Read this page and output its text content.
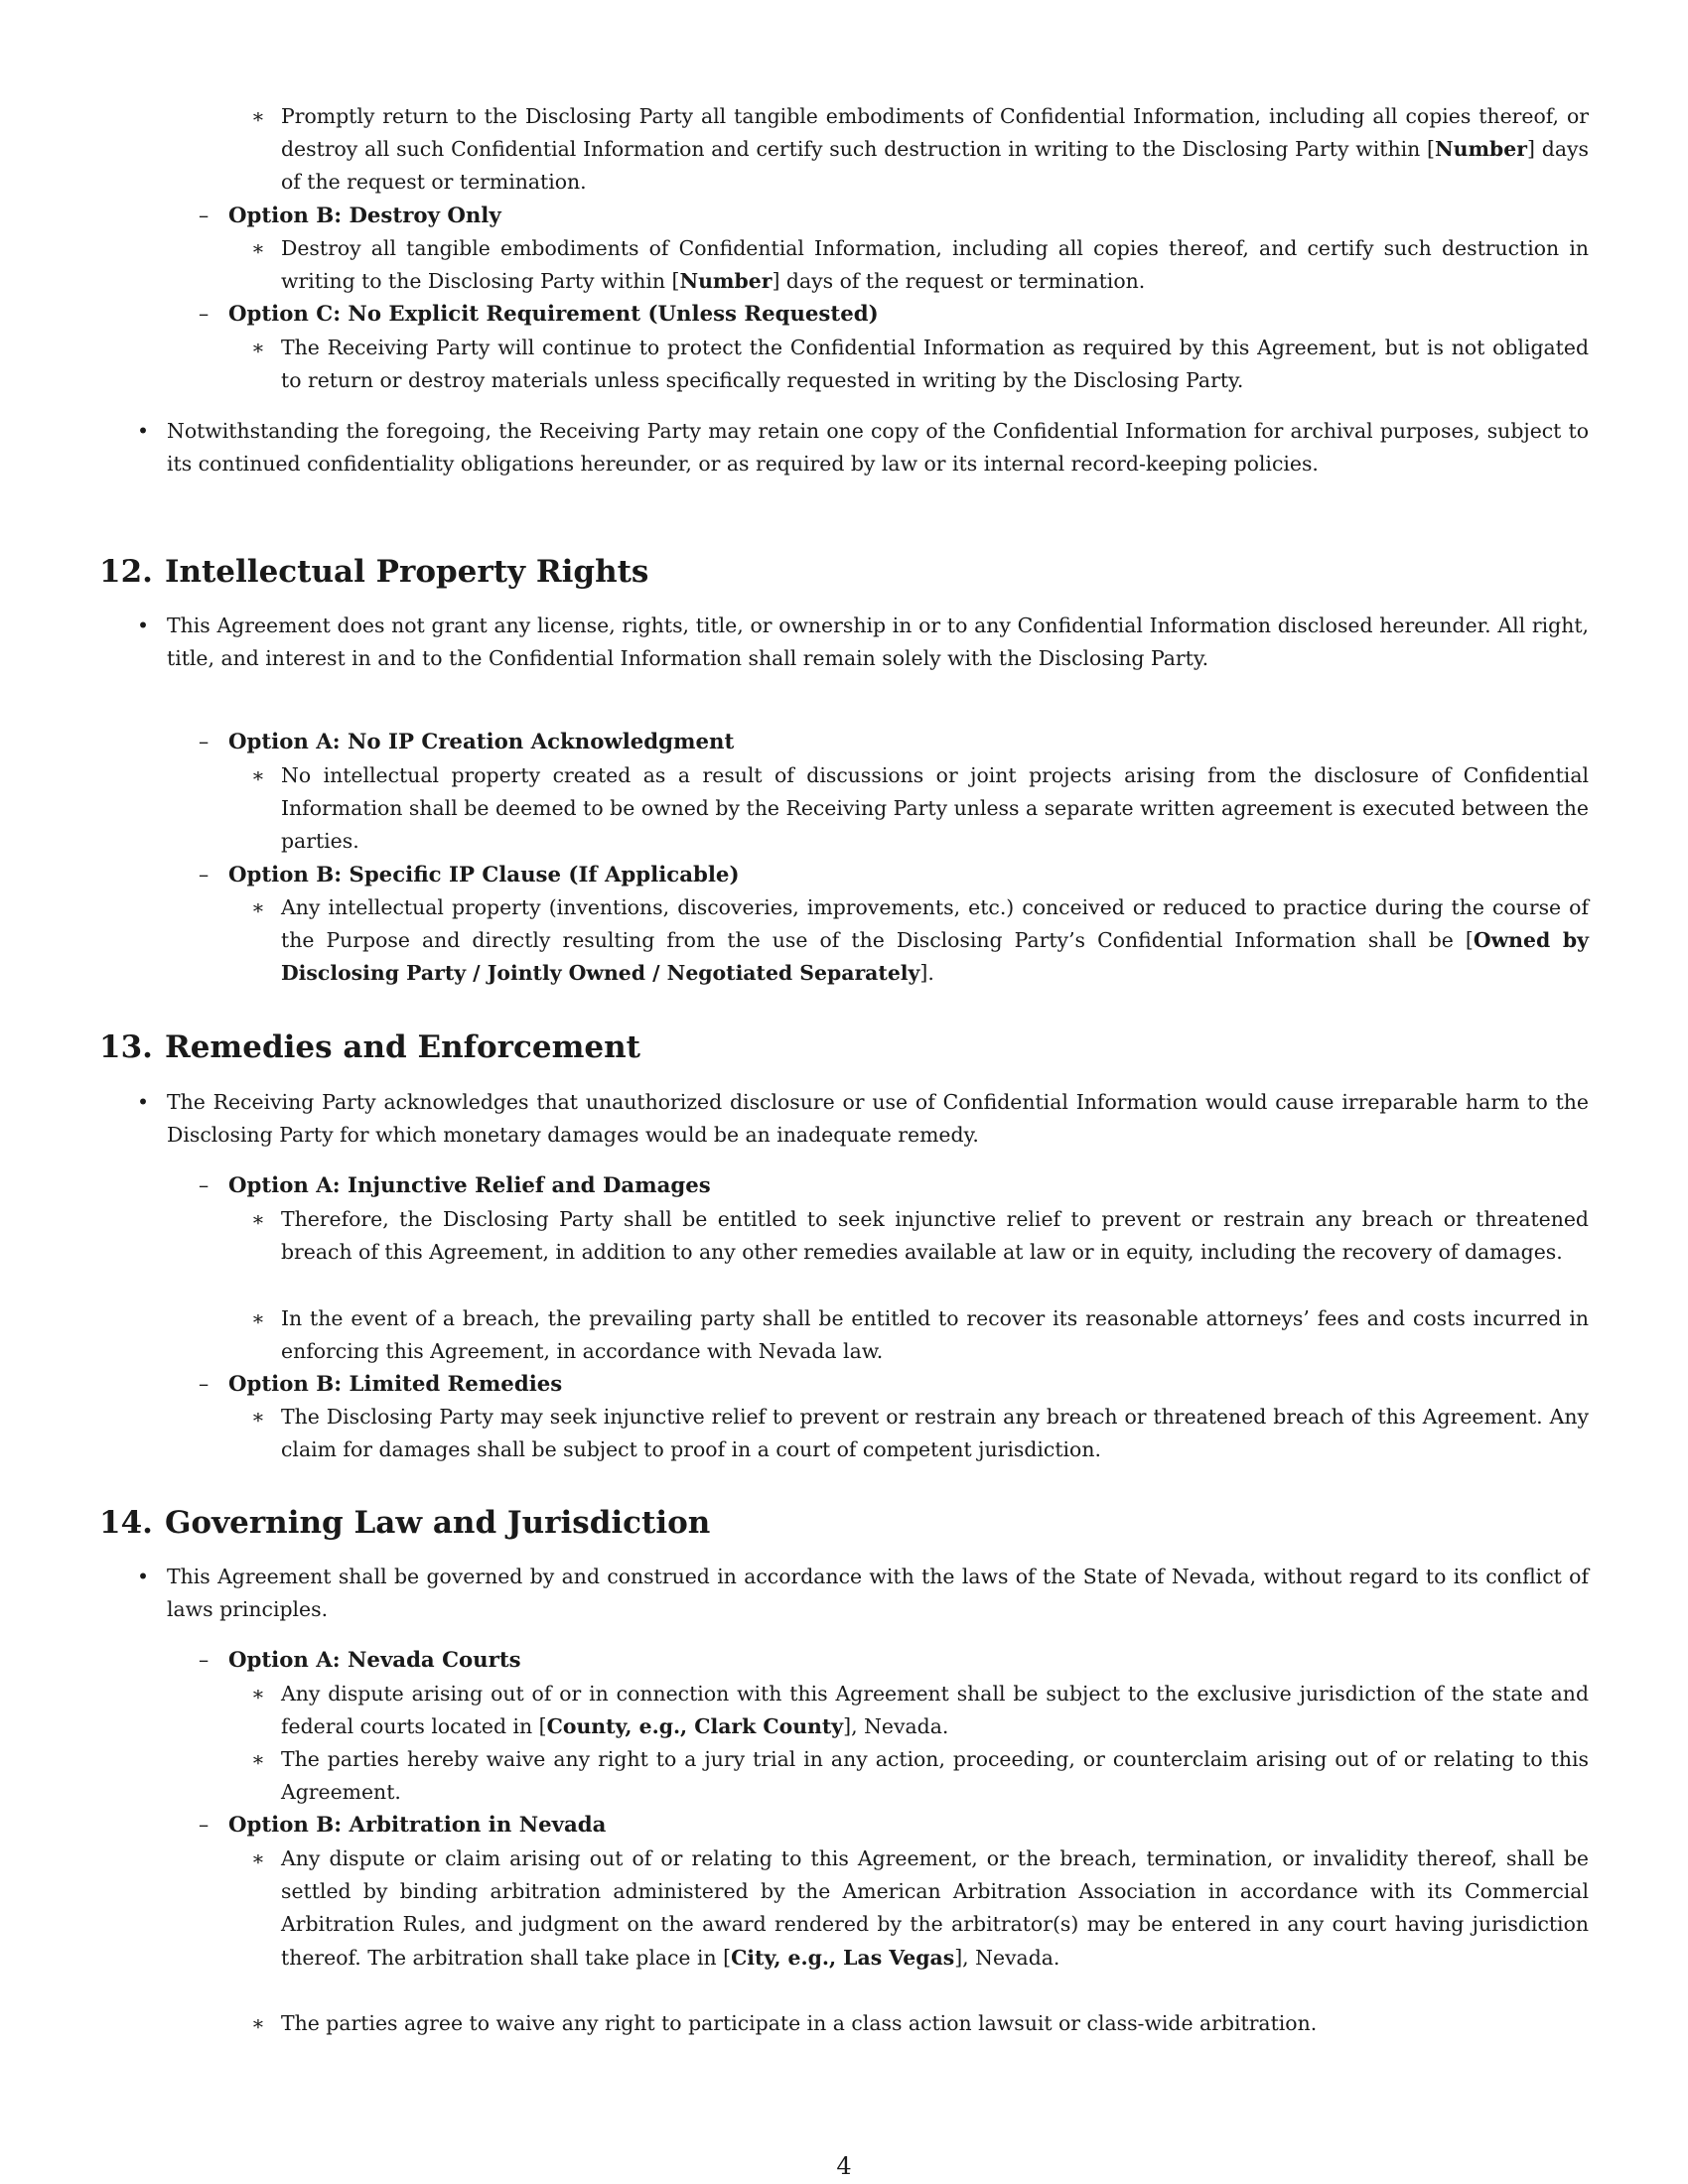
∗ Promptly return to the Disclosing Party all tangible embodiments of Confidential Information, including all copies thereof, or destroy all such Confidential Information and certify such destruction in writing to the Disclosing Party within [Number] days of the request or termination.

– Option B: Destroy Only

∗ Destroy all tangible embodiments of Confidential Information, including all copies thereof, and certify such destruction in writing to the Disclosing Party within [Number] days of the request or termination.

– Option C: No Explicit Requirement (Unless Requested)

∗ The Receiving Party will continue to protect the Confidential Information as required by this Agreement, but is not obligated to return or destroy materials unless specifically requested in writing by the Disclosing Party.

• Notwithstanding the foregoing, the Receiving Party may retain one copy of the Confidential Information for archival purposes, subject to its continued confidentiality obligations hereunder, or as required by law or its internal record-keeping policies.

12. Intellectual Property Rights
• This Agreement does not grant any license, rights, title, or ownership in or to any Confidential Information disclosed hereunder. All right, title, and interest in and to the Confidential Information shall remain solely with the Disclosing Party.

– Option A: No IP Creation Acknowledgment

∗ No intellectual property created as a result of discussions or joint projects arising from the disclosure of Confidential Information shall be deemed to be owned by the Receiving Party unless a separate written agreement is executed between the parties.

– Option B: Specific IP Clause (If Applicable)

∗ Any intellectual property (inventions, discoveries, improvements, etc.) conceived or reduced to practice during the course of the Purpose and directly resulting from the use of the Disclosing Party’s Confidential Information shall be [Owned by Disclosing Party / Jointly Owned / Negotiated Separately].

13. Remedies and Enforcement
• The Receiving Party acknowledges that unauthorized disclosure or use of Confidential Information would cause irreparable harm to the Disclosing Party for which monetary damages would be an inadequate remedy.

– Option A: Injunctive Relief and Damages

∗ Therefore, the Disclosing Party shall be entitled to seek injunctive relief to prevent or restrain any breach or threatened breach of this Agreement, in addition to any other remedies available at law or in equity, including the recovery of damages.

∗ In the event of a breach, the prevailing party shall be entitled to recover its reasonable attorneys’ fees and costs incurred in enforcing this Agreement, in accordance with Nevada law.

– Option B: Limited Remedies

∗ The Disclosing Party may seek injunctive relief to prevent or restrain any breach or threatened breach of this Agreement. Any claim for damages shall be subject to proof in a court of competent jurisdiction.

14. Governing Law and Jurisdiction
• This Agreement shall be governed by and construed in accordance with the laws of the State of Nevada, without regard to its conflict of laws principles.

– Option A: Nevada Courts

∗ Any dispute arising out of or in connection with this Agreement shall be subject to the exclusive jurisdiction of the state and federal courts located in [County, e.g., Clark County], Nevada.

∗ The parties hereby waive any right to a jury trial in any action, proceeding, or counterclaim arising out of or relating to this Agreement.

– Option B: Arbitration in Nevada

∗ Any dispute or claim arising out of or relating to this Agreement, or the breach, termination, or invalidity thereof, shall be settled by binding arbitration administered by the American Arbitration Association in accordance with its Commercial Arbitration Rules, and judgment on the award rendered by the arbitrator(s) may be entered in any court having jurisdiction thereof. The arbitration shall take place in [City, e.g., Las Vegas], Nevada.

∗ The parties agree to waive any right to participate in a class action lawsuit or class-wide arbitration.

4
